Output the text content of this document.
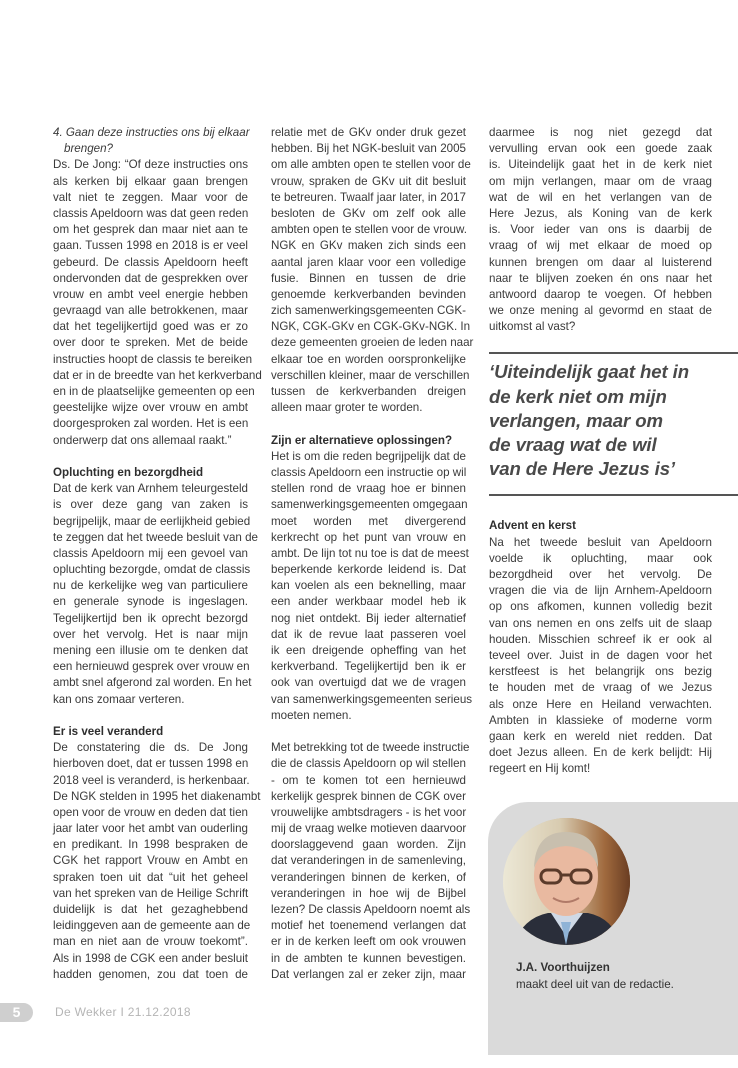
4. Gaan deze instructies ons bij elkaar
brengen?
Ds. De Jong: “Of deze instructies ons
als kerken bij elkaar gaan brengen
valt niet te zeggen. Maar voor de
classis Apeldoorn was dat geen reden
om het gesprek dan maar niet aan te
gaan. Tussen 1998 en 2018 is er veel
gebeurd. De classis Apeldoorn heeft
ondervonden dat de gesprekken over
vrouw en ambt veel energie hebben
gevraagd van alle betrokkenen, maar
dat het tegelijkertijd goed was er zo
over door te spreken. Met de beide
instructies hoopt de classis te bereiken
dat er in de breedte van het kerkverband
en in de plaatselijke gemeenten op een
geestelijke wijze over vrouw en ambt
doorgesproken zal worden. Het is een
onderwerp dat ons allemaal raakt.”
Opluchting en bezorgdheid
Dat de kerk van Arnhem teleurgesteld
is over deze gang van zaken is
begrijpelijk, maar de eerlijkheid gebied
te zeggen dat het tweede besluit van de
classis Apeldoorn mij een gevoel van
opluchting bezorgde, omdat de classis
nu de kerkelijke weg van particuliere
en generale synode is ingeslagen.
Tegelijkertijd ben ik oprecht bezorgd
over het vervolg. Het is naar mijn
mening een illusie om te denken dat
een hernieuwd gesprek over vrouw en
ambt snel afgerond zal worden. En het
kan ons zomaar verteren.
Er is veel veranderd
De constatering die ds. De Jong
hierboven doet, dat er tussen 1998 en
2018 veel is veranderd, is herkenbaar.
De NGK stelden in 1995 het diakenambt
open voor de vrouw en deden dat tien
jaar later voor het ambt van ouderling
en predikant. In 1998 bespraken de
CGK het rapport Vrouw en Ambt en
spraken toen uit dat “uit het geheel
van het spreken van de Heilige Schrift
duidelijk is dat het gezaghebbend
leidinggeven aan de gemeente aan de
man en niet aan de vrouw toekomt”.
Als in 1998 de CGK een ander besluit
hadden genomen, zou dat toen de
relatie met de GKv onder druk gezet
hebben. Bij het NGK-besluit van 2005
om alle ambten open te stellen voor de
vrouw, spraken de GKv uit dit besluit
te betreuren. Twaalf jaar later, in 2017
besloten de GKv om zelf ook alle
ambten open te stellen voor de vrouw.
NGK en GKv maken zich sinds een
aantal jaren klaar voor een volledige
fusie. Binnen en tussen de drie
genoemde kerkverbanden bevinden
zich samenwerkingsgemeenten CGK-
NGK, CGK-GKv en CGK-GKv-NGK. In
deze gemeenten groeien de leden naar
elkaar toe en worden oorspronkelijke
verschillen kleiner, maar de verschillen
tussen de kerkverbanden dreigen
alleen maar groter te worden.
Zijn er alternatieve oplossingen?
Het is om die reden begrijpelijk dat de
classis Apeldoorn een instructie op wil
stellen rond de vraag hoe er binnen
samenwerkingsgemeenten omgegaan
moet worden met divergerend
kerkrecht op het punt van vrouw en
ambt. De lijn tot nu toe is dat de meest
beperkende kerkorde leidend is. Dat
kan voelen als een beknelling, maar
een ander werkbaar model heb ik
nog niet ontdekt. Bij ieder alternatief
dat ik de revue laat passeren voel
ik een dreigende opheffing van het
kerkverband. Tegelijkertijd ben ik er
ook van overtuigd dat we de vragen
van samenwerkingsgemeenten serieus
moeten nemen.
Met betrekking tot de tweede instructie
die de classis Apeldoorn op wil stellen
- om te komen tot een hernieuwd
kerkelijk gesprek binnen de CGK over
vrouwelijke ambtsdragers - is het voor
mij de vraag welke motieven daarvoor
doorslaggevend gaan worden. Zijn
dat veranderingen in de samenleving,
veranderingen binnen de kerken, of
veranderingen in hoe wij de Bijbel
lezen? De classis Apeldoorn noemt als
motief het toenemend verlangen dat
er in de kerken leeft om ook vrouwen
in de ambten te kunnen bevestigen.
Dat verlangen zal er zeker zijn, maar
daarmee is nog niet gezegd dat
vervulling ervan ook een goede zaak
is. Uiteindelijk gaat het in de kerk niet
om mijn verlangen, maar om de vraag
wat de wil en het verlangen van de
Here Jezus, als Koning van de kerk
is. Voor ieder van ons is daarbij de
vraag of wij met elkaar de moed op
kunnen brengen om daar al luisterend
naar te blijven zoeken én ons naar het
antwoord daarop te voegen. Of hebben
we onze mening al gevormd en staat de
uitkomst al vast?
‘Uiteindelijk gaat het in
de kerk niet om mijn
verlangen, maar om
de vraag wat de wil
van de Here Jezus is’
Advent en kerst
Na het tweede besluit van Apeldoorn
voelde ik opluchting, maar ook
bezorgdheid over het vervolg. De
vragen die via de lijn Arnhem-Apeldoorn
op ons afkomen, kunnen volledig bezit
van ons nemen en ons zelfs uit de slaap
houden. Misschien schreef ik er ook al
teveel over. Juist in de dagen voor het
kerstfeest is het belangrijk ons bezig
te houden met de vraag of we Jezus
als onze Here en Heiland verwachten.
Ambten in klassieke of moderne vorm
gaan kerk en wereld niet redden. Dat
doet Jezus alleen. En de kerk belijdt: Hij
regeert en Hij komt!
J.A. Voorthuijzen
maakt deel uit van de redactie.
5	De Wekker I 21.12.2018
